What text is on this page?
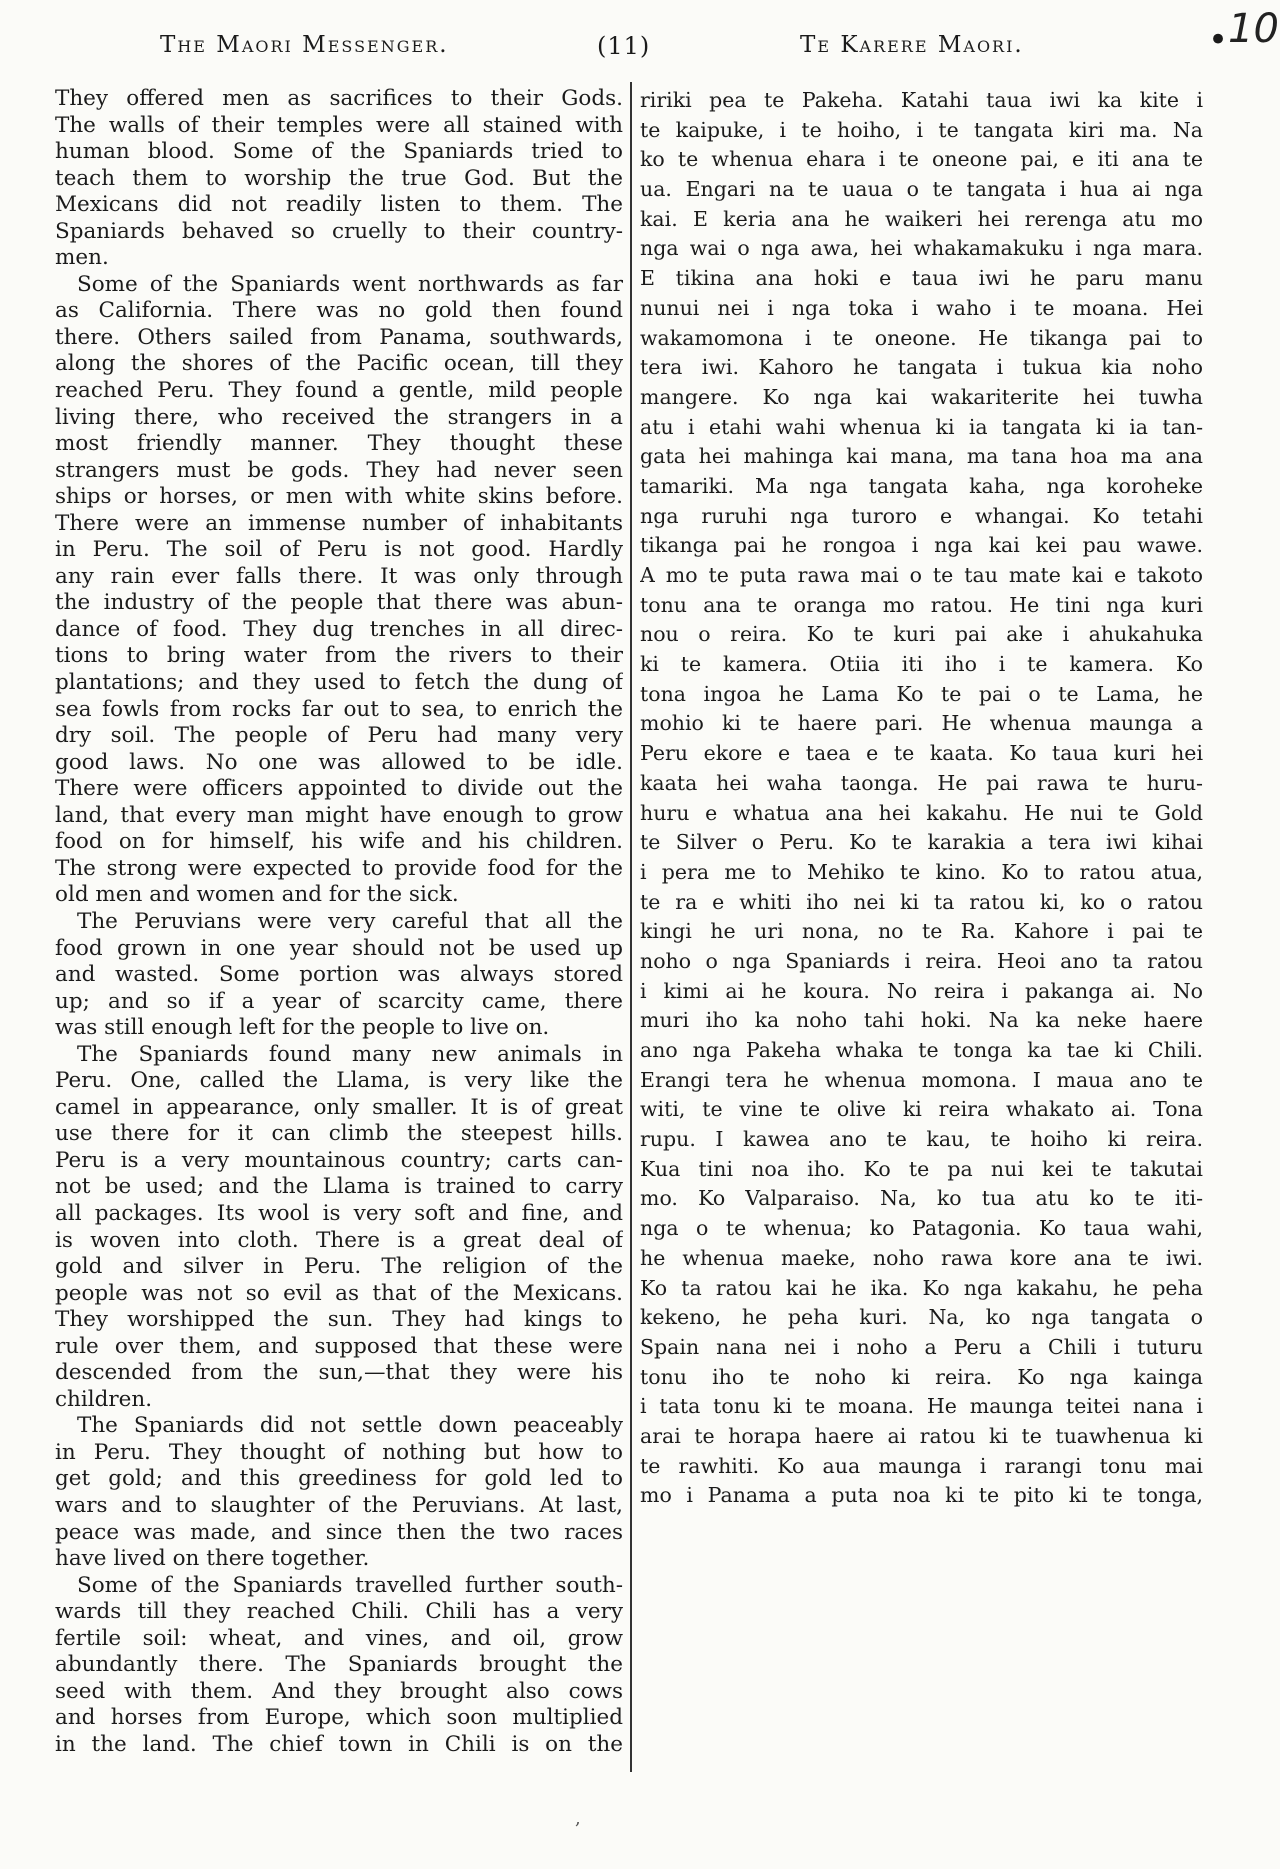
The Maori Messenger.	(11)	Te Karere Maori.	• 10
They offered men as sacrifices to their Gods.
The walls of their temples were all stained with
human blood. Some of the Spaniards tried to
teach them to worship the true God. But the
Mexicans did not readily listen to them. The
Spaniards behaved so cruelly to their country-
men.
Some of the Spaniards went northwards as far
as California. There was no gold then found
there. Others sailed from Panama, southwards,
along the shores of the Pacific ocean, till they
reached Peru. They found a gentle, mild people
living there, who received the strangers in a
most friendly manner. They thought these
strangers must be gods. They had never seen
ships or horses, or men with white skins before.
There were an immense number of inhabitants
in Peru. The soil of Peru is not good. Hardly
any rain ever falls there. It was only through
the industry of the people that there was abun-
dance of food. They dug trenches in all direc-
tions to bring water from the rivers to their
plantations; and they used to fetch the dung of
sea fowls from rocks far out to sea, to enrich the
dry soil. The people of Peru had many very
good laws. No one was allowed to be idle.
There were officers appointed to divide out the
land, that every man might have enough to grow
food on for himself, his wife and his children.
The strong were expected to provide food for the
old men and women and for the sick.
The Peruvians were very careful that all the
food grown in one year should not be used up
and wasted. Some portion was always stored
up; and so if a year of scarcity came, there
was still enough left for the people to live on.
The Spaniards found many new animals in
Peru. One, called the Llama, is very like the
camel in appearance, only smaller. It is of great
use there for it can climb the steepest hills.
Peru is a very mountainous country; carts can-
not be used; and the Llama is trained to carry
all packages. Its wool is very soft and fine, and
is woven into cloth. There is a great deal of
gold and silver in Peru. The religion of the
people was not so evil as that of the Mexicans.
They worshipped the sun. They had kings to
rule over them, and supposed that these were
descended from the sun,—that they were his
children.
The Spaniards did not settle down peaceably
in Peru. They thought of nothing but how to
get gold; and this greediness for gold led to
wars and to slaughter of the Peruvians. At last,
peace was made, and since then the two races
have lived on there together.
Some of the Spaniards travelled further south-
wards till they reached Chili. Chili has a very
fertile soil: wheat, and vines, and oil, grow
abundantly there. The Spaniards brought the
seed with them. And they brought also cows
and horses from Europe, which soon multiplied
in the land. The chief town in Chili is on the
ririki pea te Pakeha. Katahi taua iwi ka kite i
te kaipuke, i te hoiho, i te tangata kiri ma. Na
ko te whenua ehara i te oneone pai, e iti ana te
ua. Engari na te uaua o te tangata i hua ai nga
kai. E keria ana he waikeri hei rerenga atu mo
nga wai o nga awa, hei whakamakuku i nga mara.
E tikina ana hoki e taua iwi he paru manu
nunui nei i nga toka i waho i te moana. Hei
wakamomona i te oneone. He tikanga pai to
tera iwi. Kahoro he tangata i tukua kia noho
mangere. Ko nga kai wakariterite hei tuwha
atu i etahi wahi whenua ki ia tangata ki ia tan-
gata hei mahinga kai mana, ma tana hoa ma ana
tamariki. Ma nga tangata kaha, nga koroheke
nga ruruhi nga turoro e whangai. Ko tetahi
tikanga pai he rongoa i nga kai kei pau wawe.
A mo te puta rawa mai o te tau mate kai e takoto
tonu ana te oranga mo ratou. He tini nga kuri
nou o reira. Ko te kuri pai ake i ahukahuka
ki te kamera. Otiia iti iho i te kamera. Ko
tona ingoa he Lama Ko te pai o te Lama, he
mohio ki te haere pari. He whenua maunga a
Peru ekore e taea e te kaata. Ko taua kuri hei
kaata hei waha taonga. He pai rawa te huru-
huru e whatua ana hei kakahu. He nui te Gold
te Silver o Peru. Ko te karakia a tera iwi kihai
i pera me to Mehiko te kino. Ko to ratou atua,
te ra e whiti iho nei ki ta ratou ki, ko o ratou
kingi he uri nona, no te Ra. Kahore i pai te
noho o nga Spaniards i reira. Heoi ano ta ratou
i kimi ai he koura. No reira i pakanga ai. No
muri iho ka noho tahi hoki. Na ka neke haere
ano nga Pakeha whaka te tonga ka tae ki Chili.
Erangi tera he whenua momona. I maua ano te
witi, te vine te olive ki reira whakato ai. Tona
rupu. I kawea ano te kau, te hoiho ki reira.
Kua tini noa iho. Ko te pa nui kei te takutai
mo. Ko Valparaiso. Na, ko tua atu ko te iti-
nga o te whenua; ko Patagonia. Ko taua wahi,
he whenua maeke, noho rawa kore ana te iwi.
Ko ta ratou kai he ika. Ko nga kakahu, he peha
kekeno, he peha kuri. Na, ko nga tangata o
Spain nana nei i noho a Peru a Chili i tuturu
tonu iho te noho ki reira. Ko nga kainga
i tata tonu ki te moana. He maunga teitei nana i
arai te horapa haere ai ratou ki te tuawhenua ki
te rawhiti. Ko aua maunga i rarangi tonu mai
mo i Panama a puta noa ki te pito ki te tonga,
,
